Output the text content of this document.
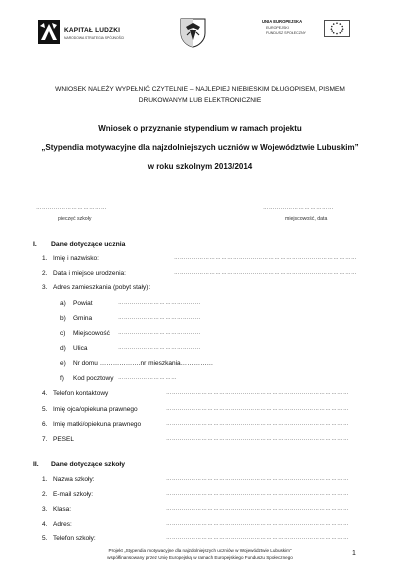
KAPITAŁ LUDZKI
NARODOWA STRATEGIA SPÓJNOŚCI
UNIA EUROPEJSKA
EUROPEJSKI
FUNDUSZ SPOŁECZNY
WNIOSEK NALEŻY WYPEŁNIĆ CZYTELNIE – NAJLEPIEJ NIEBIESKIM DŁUGOPISEM, PISMEM
DRUKOWANYM LUB ELEKTRONICZNIE
Wniosek o przyznanie stypendium w ramach projektu
„Stypendia motywacyjne dla najzdolniejszych uczniów w Województwie Lubuskim”
w roku szkolnym 2013/2014
………………………………	………………………………
pieczęć szkoły	miejscowość, data
I. Dane dotyczące ucznia
1. Imię i nazwisko:	…………………………………………………………………………………
2. Data i miejsce urodzenia:	…………………………………………………………………………………
3. Adres zamieszkania (pobyt stały):
a) Powiat	……………………………………
b) Gmina	……………………………………
c) Miejscowość ……………………………………
d) Ulica	……………………………………
e) Nr domu ……………….nr mieszkania……………
f) Kod pocztowy …………………………
4. Telefon kontaktowy	…………………………………………………………………………………
5. Imię ojca/opiekuna prawnego	…………………………………………………………………………………
6. Imię matki/opiekuna prawnego	…………………………………………………………………………………
7. PESEL	…………………………………………………………………………………
II. Dane dotyczące szkoły
1. Nazwa szkoły:	…………………………………………………………………………………
2. E-mail szkoły:	…………………………………………………………………………………
3. Klasa:	…………………………………………………………………………………
4. Adres:	…………………………………………………………………………………
5. Telefon szkoły:	…………………………………………………………………………………
Projekt „Stypendia motywacyjne dla najzdolniejszych uczniów w Województwie Lubuskim”
współfinansowany przez Unię Europejską w ramach Europejskiego Funduszu Społecznego
1
